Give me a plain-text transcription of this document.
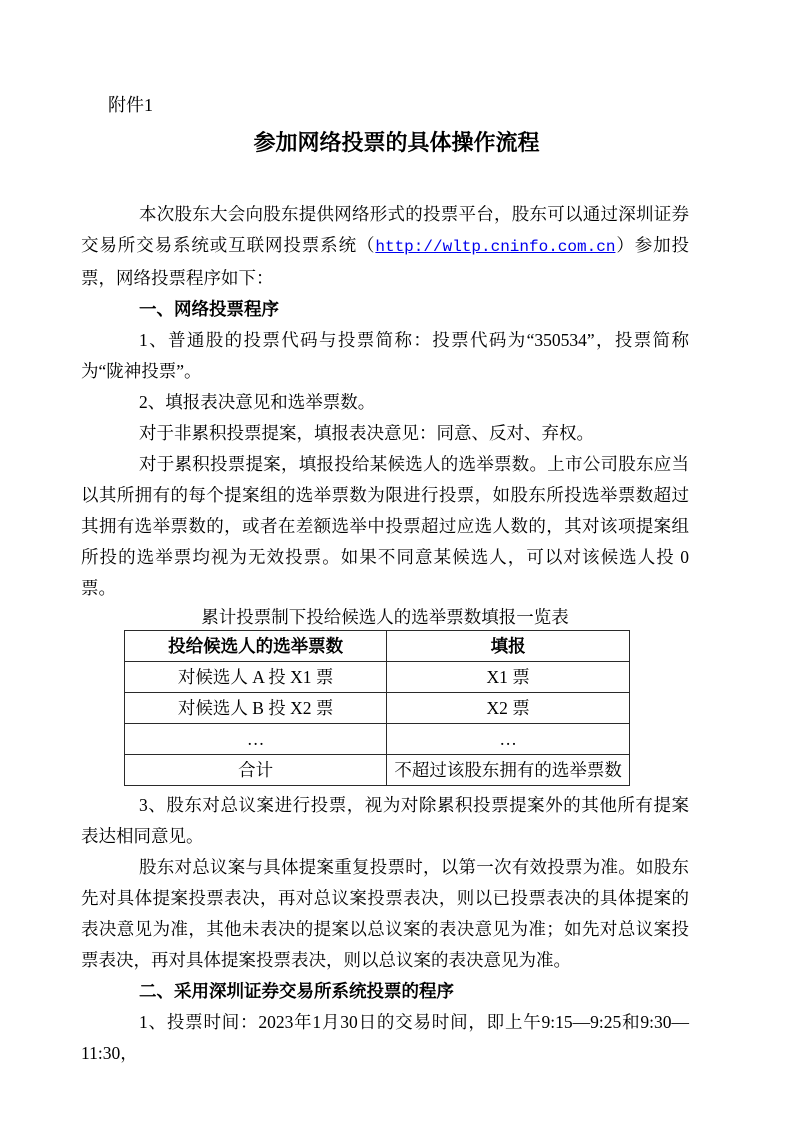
附件1
参加网络投票的具体操作流程

本次股东大会向股东提供网络形式的投票平台，股东可以通过深圳证券交易所交易系统或互联网投票系统（http://wltp.cninfo.com.cn）参加投票，网络投票程序如下：

一、网络投票程序

1、普通股的投票代码与投票简称：投票代码为“350534”，投票简称为“陇神投票”。

2、填报表决意见和选举票数。

对于非累积投票提案，填报表决意见：同意、反对、弃权。

对于累积投票提案，填报投给某候选人的选举票数。上市公司股东应当以其所拥有的每个提案组的选举票数为限进行投票，如股东所投选举票数超过其拥有选举票数的，或者在差额选举中投票超过应选人数的，其对该项提案组所投的选举票均视为无效投票。如果不同意某候选人，可以对该候选人投 0 票。

累计投票制下投给候选人的选举票数填报一览表

投给候选人的选举票数	填报
对候选人 A 投 X1 票	X1 票
对候选人 B 投 X2 票	X2 票
…	…
合计	不超过该股东拥有的选举票数

3、股东对总议案进行投票，视为对除累积投票提案外的其他所有提案表达相同意见。

股东对总议案与具体提案重复投票时，以第一次有效投票为准。如股东先对具体提案投票表决，再对总议案投票表决，则以已投票表决的具体提案的表决意见为准，其他未表决的提案以总议案的表决意见为准；如先对总议案投票表决，再对具体提案投票表决，则以总议案的表决意见为准。

二、采用深圳证券交易所系统投票的程序

1、投票时间：2023年1月30日的交易时间，即上午9:15—9:25和9:30—11:30，
